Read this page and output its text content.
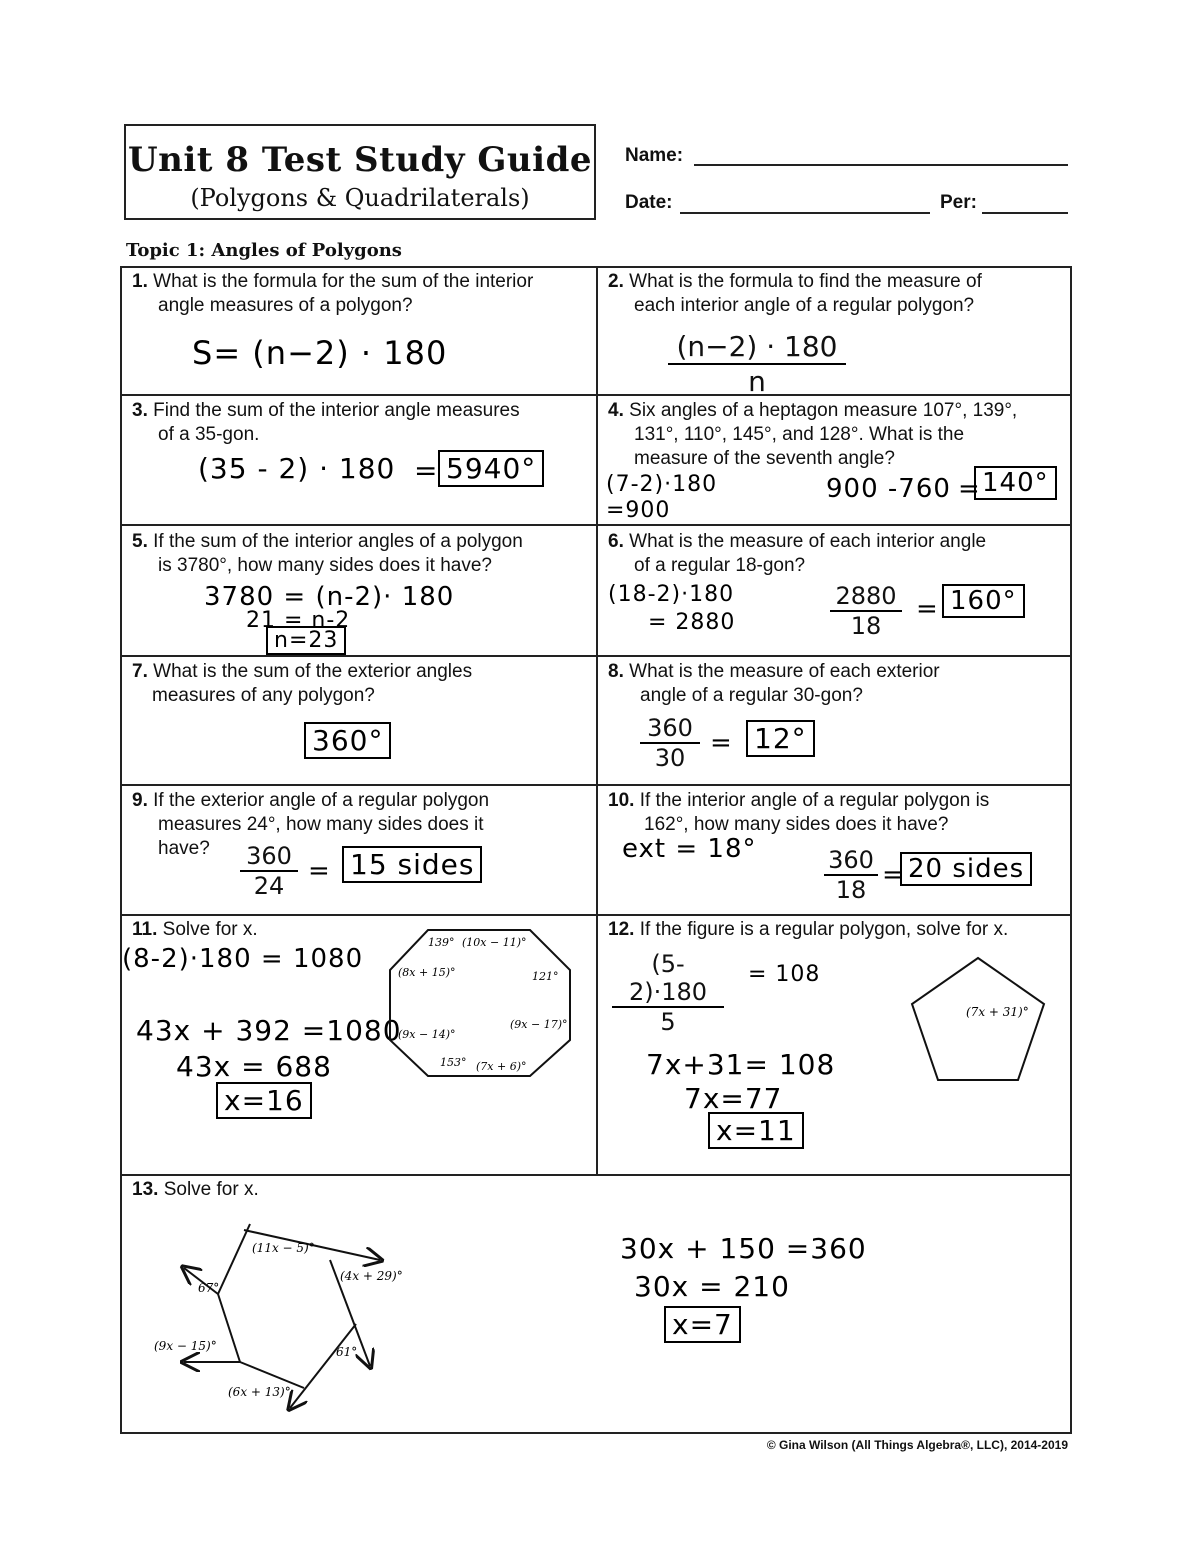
Unit 8 Test Study Guide
(Polygons & Quadrilaterals)
Name:
Date:	Per:
Topic 1: Angles of Polygons
1. What is the formula for the sum of the interior
angle measures of a polygon?
S= (n−2) · 180
2. What is the formula to find the measure of
each interior angle of a regular polygon?
$\frac{(n-2) \cdot 180}{n}$
3. Find the sum of the interior angle measures
of a 35-gon.
(35 - 2) · 180 = 5940°
4. Six angles of a heptagon measure 107°, 139°,
131°, 110°, 145°, and 128°. What is the
measure of the seventh angle?
(7-2)·180
=900
900 -760 = 140°
5. If the sum of the interior angles of a polygon
is 3780°, how many sides does it have?
3780 = (n-2)· 180
21 = n-2
n=23
6. What is the measure of each interior angle
of a regular 18-gon?
(18-2)·180
= 2880	$\frac{2880}{18} = 160^\circ$
7. What is the sum of the exterior angles
measures of any polygon?
360°
8. What is the measure of each exterior
angle of a regular 30-gon?
$\frac{360}{30} = 12^\circ$
9. If the exterior angle of a regular polygon
measures 24°, how many sides does it
have?	$\frac{360}{24} = 15$ sides
10. If the interior angle of a regular polygon is
162°, how many sides does it have?
ext = 18°	$\frac{360}{18} = 20$ sides
11. Solve for x.
(8-2)·180 = 1080
43x + 392 =1080
43x = 688
x=16
139° (10x − 11)°
(8x + 15)°	121°
(9x − 17)°
(9x − 14)°
153° (7x + 6)°
12. If the figure is a regular polygon, solve for x.
$\frac{(5-2)\cdot 180}{5} = 108$
7x+31= 108
7x=77
x=11
(7x + 31)°
13. Solve for x.
30x + 150 =360
30x = 210
x=7
(11x − 5)°
(4x + 29)°
67°
(9x − 15)°	61°
(6x + 13)°
© Gina Wilson (All Things Algebra®, LLC), 2014-2019
